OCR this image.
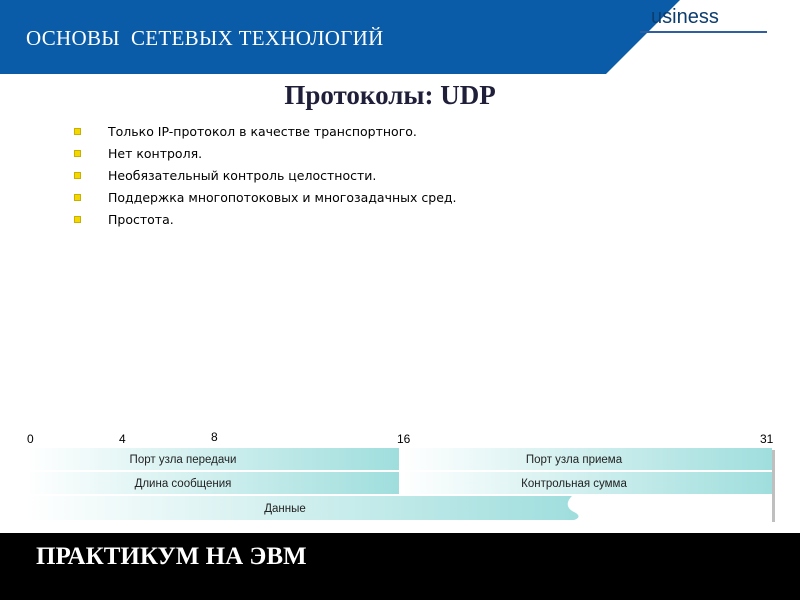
ОСНОВЫ  СЕТЕВЫХ ТЕХНОЛОГИЙ
usiness
Протоколы: UDP
Только IP-протокол в качестве транспортного.
Нет контроля.
Необязательный контроль целостности.
Поддержка многопотоковых и многозадачных сред.
Простота.
0	4	8	16	31
Порт узла передачи	Порт узла приема
Длина сообщения	Контрольная сумма
Данные
ПРАКТИКУМ НА ЭВМ
